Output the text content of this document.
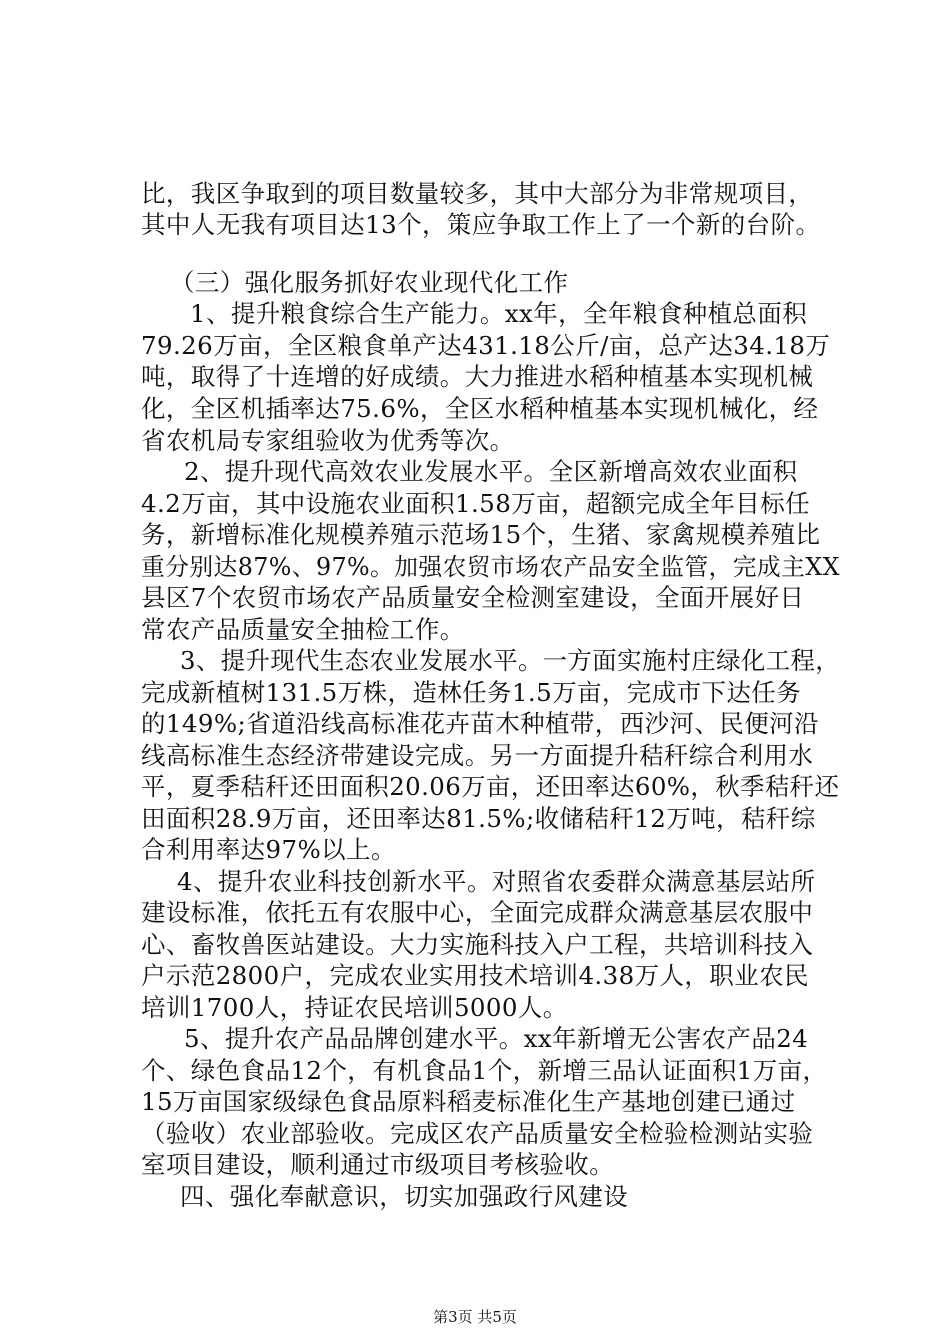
比，我区争取到的项目数量较多，其中大部分为非常规项目，
其中人无我有项目达13个，策应争取工作上了一个新的台阶。
（三）强化服务抓好农业现代化工作
1、提升粮食综合生产能力。xx年，全年粮食种植总面积
79.26万亩，全区粮食单产达431.18公斤/亩，总产达34.18万
吨，取得了十连增的好成绩。大力推进水稻种植基本实现机械
化，全区机插率达75.6%，全区水稻种植基本实现机械化，经
省农机局专家组验收为优秀等次。
2、提升现代高效农业发展水平。全区新增高效农业面积
4.2万亩，其中设施农业面积1.58万亩，超额完成全年目标任
务，新增标准化规模养殖示范场15个，生猪、家禽规模养殖比
重分别达87%、97%。加强农贸市场农产品安全监管，完成主XX
县区7个农贸市场农产品质量安全检测室建设，全面开展好日
常农产品质量安全抽检工作。
3、提升现代生态农业发展水平。一方面实施村庄绿化工程，
完成新植树131.5万株，造林任务1.5万亩，完成市下达任务
的149%;省道沿线高标准花卉苗木种植带，西沙河、民便河沿
线高标准生态经济带建设完成。另一方面提升秸秆综合利用水
平，夏季秸秆还田面积20.06万亩，还田率达60%，秋季秸秆还
田面积28.9万亩，还田率达81.5%;收储秸秆12万吨，秸秆综
合利用率达97%以上。
4、提升农业科技创新水平。对照省农委群众满意基层站所
建设标准，依托五有农服中心，全面完成群众满意基层农服中
心、畜牧兽医站建设。大力实施科技入户工程，共培训科技入
户示范2800户，完成农业实用技术培训4.38万人，职业农民
培训1700人，持证农民培训5000人。
5、提升农产品品牌创建水平。xx年新增无公害农产品24
个、绿色食品12个，有机食品1个，新增三品认证面积1万亩，
15万亩国家级绿色食品原料稻麦标准化生产基地创建已通过
（验收）农业部验收。完成区农产品质量安全检验检测站实验
室项目建设，顺利通过市级项目考核验收。
四、强化奉献意识，切实加强政行风建设
第3页 共5页
